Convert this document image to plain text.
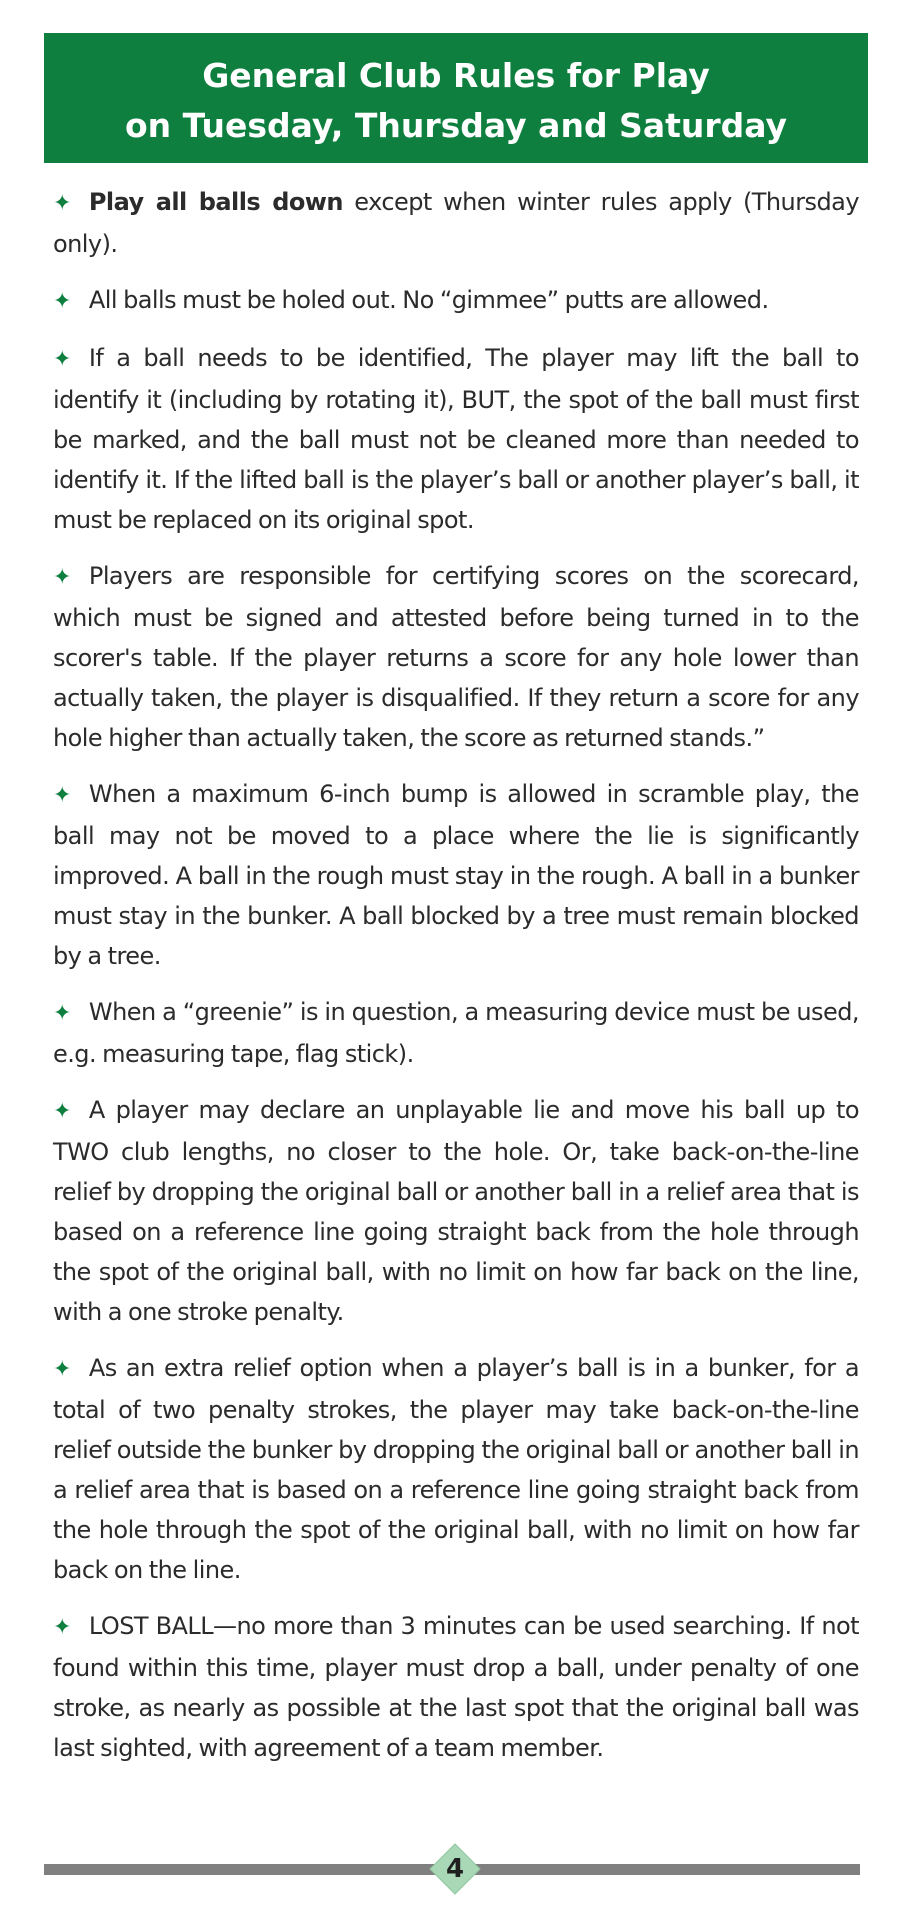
General Club Rules for Play
on Tuesday, Thursday and Saturday
✦ Play all balls down except when winter rules apply (Thursday only).
✦ All balls must be holed out. No “gimmee” putts are allowed.
✦ If a ball needs to be identified, The player may lift the ball to identify it (including by rotating it), BUT, the spot of the ball must first be marked, and the ball must not be cleaned more than needed to identify it. If the lifted ball is the player’s ball or another player’s ball, it must be replaced on its original spot.
✦ Players are responsible for certifying scores on the scorecard, which must be signed and attested before being turned in to the scorer's table. If the player returns a score for any hole lower than actually taken, the player is disqualified. If they return a score for any hole higher than actually taken, the score as returned stands.”
✦ When a maximum 6-inch bump is allowed in scramble play, the ball may not be moved to a place where the lie is significantly improved. A ball in the rough must stay in the rough. A ball in a bunker must stay in the bunker. A ball blocked by a tree must remain blocked by a tree.
✦ When a “greenie” is in question, a measuring device must be used, e.g. measuring tape, flag stick).
✦ A player may declare an unplayable lie and move his ball up to TWO club lengths, no closer to the hole. Or, take back-on-the-line relief by dropping the original ball or another ball in a relief area that is based on a reference line going straight back from the hole through the spot of the original ball, with no limit on how far back on the line, with a one stroke penalty.
✦ As an extra relief option when a player’s ball is in a bunker, for a total of two penalty strokes, the player may take back-on-the-line relief outside the bunker by dropping the original ball or another ball in a relief area that is based on a reference line going straight back from the hole through the spot of the original ball, with no limit on how far back on the line.
✦ LOST BALL—no more than 3 minutes can be used searching. If not found within this time, player must drop a ball, under penalty of one stroke, as nearly as possible at the last spot that the original ball was last sighted, with agreement of a team member.
4
